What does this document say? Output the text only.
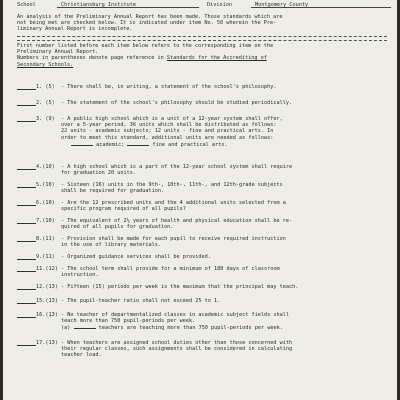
School	Christiansburg Institute	Division	Montgomery County
An analysis of the Preliminary Annual Report has been made. Those standards which are
not being met are checked below. It is indicated under item No. 50 wherein the Pre-
liminary Annual Report is incomplete.
First number listed before each item below refers to the corresponding item on the
Preliminary Annual Report.
Numbers in parentheses denote page reference in Standards for the Accrediting of
Secondary Schools.
1. (5) - There shall be, in writing, a statement of the school's philosophy.
2. (5) - The statement of the school's philosophy should be studied periodically.
3. (9) - A public high school which is a unit of a 12-year system shall offer,
over a 5-year period, 36 units which shall be distributed as follows:
22 units - academic subjects; 12 units - fine and practical arts. In
order to meet this standard, additional units are needed as follows:
academic;	fine and practical arts.
4.(10) - A high school which is a part of the 12-year school system shall require
for graduation 20 units.
5.(10) - Sixteen (16) units in the 9th-, 10th-, 11th-, and 12th-grade subjects
shall be required for graduation.
6.(10) - Are the 12 prescribed units and the 4 additional units selected from a
specific program required of all pupils?
7.(10) - The equivalent of 2½ years of health and physical education shall be re-
quired of all pupils for graduation.
8.(11) - Provision shall be made for each pupil to receive required instruction
in the use of library materials.
9.(11) - Organized guidance services shall be provided.
11.(12) - The school term shall provide for a minimum of 180 days of classroom
instruction.
12.(13) - Fifteen (15) periods per week is the maximum that the principal may teach.
15.(13) - The pupil-teacher ratio shall not exceed 25 to 1.
16.(13) - No teacher of departmentalized classes in academic subject fields shall
teach more than 750 pupil-periods per week.
(a)	teachers are teaching more than 750 pupil-periods per week.
17.(13) - When teachers are assigned school duties other than those concerned with
their regular classes, such assignments shall be considered in calculating
teacher load.
